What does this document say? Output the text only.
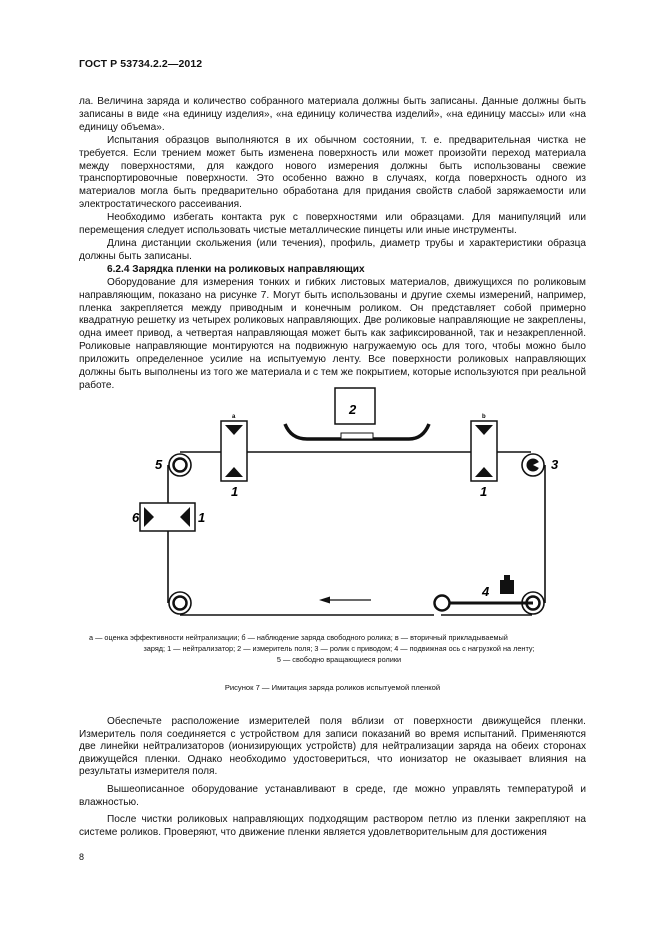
ГОСТ Р 53734.2.2—2012

ла. Величина заряда и количество собранного материала должны быть записаны. Данные должны быть записаны в виде «на единицу изделия», «на единицу количества изделий», «на единицу массы» или «на единицу объема».

Испытания образцов выполняются в их обычном состоянии, т. е. предварительная чистка не требуется. Если трением может быть изменена поверхность или может произойти переход материала между поверхностями, для каждого нового измерения должны быть использованы свежие транспортировочные поверхности. Это особенно важно в случаях, когда поверхность одного из материалов могла быть предварительно обработана для придания свойств слабой заряжаемости или электростатического рассеивания.

Необходимо избегать контакта рук с поверхностями или образцами. Для манипуляций или перемещения следует использовать чистые металлические пинцеты или иные инструменты.

Длина дистанции скольжения (или течения), профиль, диаметр трубы и характеристики образца должны быть записаны.

6.2.4 Зарядка пленки на роликовых направляющих

Оборудование для измерения тонких и гибких листовых материалов, движущихся по роликовым направляющим, показано на рисунке 7. Могут быть использованы и другие схемы измерений, например, пленка закрепляется между приводным и конечным роликом. Он представляет собой примерно квадратную решетку из четырех роликовых направляющих. Две роликовые направляющие не закреплены, одна имеет привод, а четвертая направляющая может быть как зафиксированной, так и незакрепленной. Роликовые направляющие монтируются на подвижную нагружаемую ось для того, чтобы можно было приложить определенное усилие на испытуемую ленту. Все поверхности роликовых направляющих должны быть выполнены из того же материала и с тем же покрытием, которые используются при реальной работе.

2
4
a
1
b
1
6	1
5	3
а — оценка эффективности нейтрализации; б — наблюдение заряда свободного ролика; в — вторичный прикладываемый
заряд; 1 — нейтрализатор; 2 — измеритель поля; 3 — ролик с приводом; 4 — подвижная ось с нагрузкой на ленту;
5 — свободно вращающиеся ролики
Рисунок 7 — Имитация заряда роликов испытуемой пленкой

Обеспечьте расположение измерителей поля вблизи от поверхности движущейся пленки. Измеритель поля соединяется с устройством для записи показаний во время испытаний. Применяются две линейки нейтрализаторов (ионизирующих устройств) для нейтрализации заряда на обеих сторонах движущейся пленки. Однако необходимо удостовериться, что ионизатор не оказывает влияния на результаты измерителя поля.

Вышеописанное оборудование устанавливают в среде, где можно управлять температурой и влажностью.

После чистки роликовых направляющих подходящим раствором петлю из пленки закрепляют на системе роликов. Проверяют, что движение пленки является удовлетворительным для достижения

8
